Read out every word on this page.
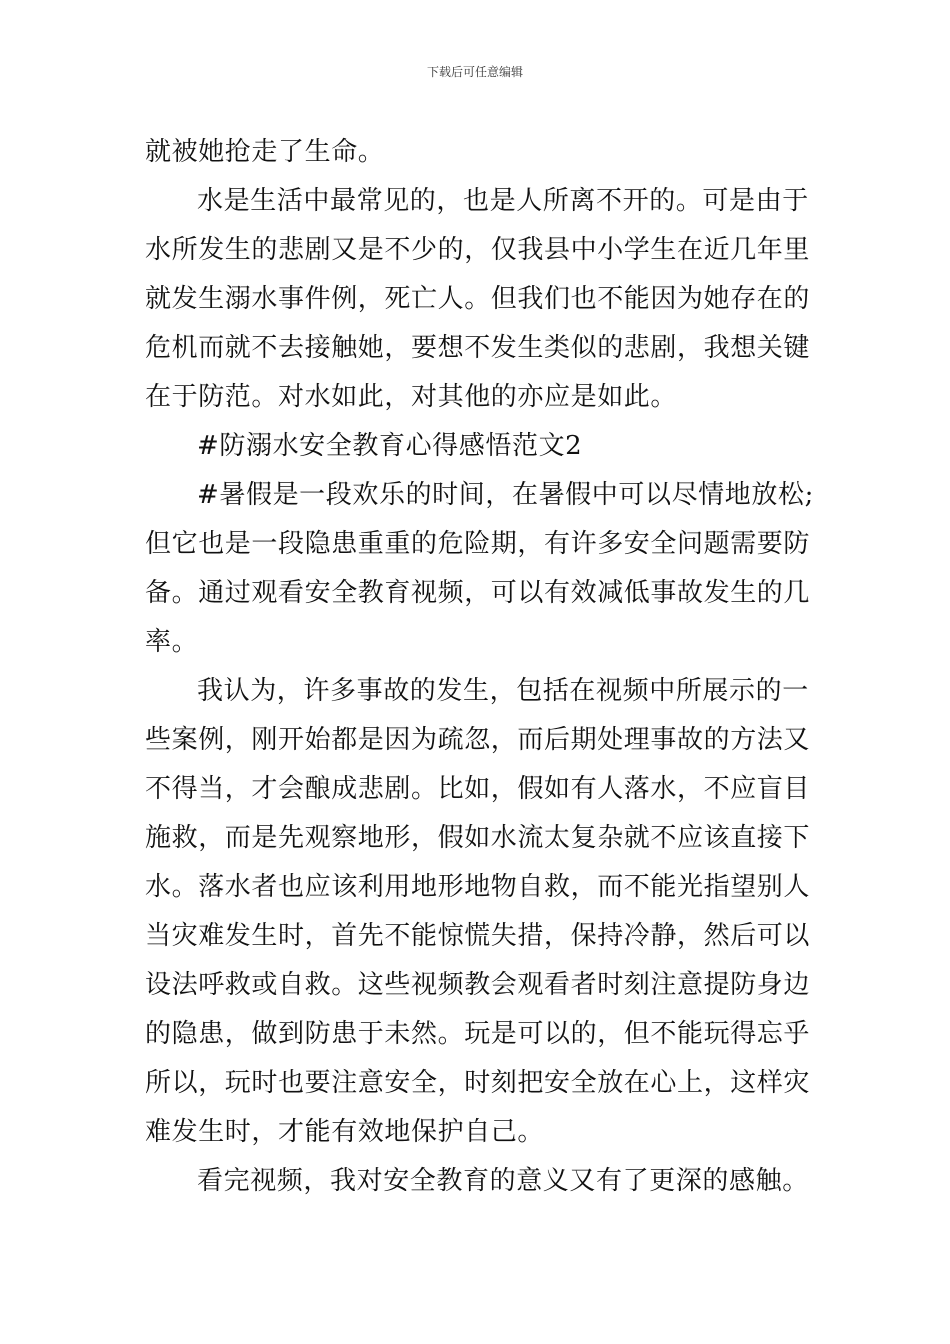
下载后可任意编辑
就被她抢走了生命。
水是生活中最常见的，也是人所离不开的。可是由于
水所发生的悲剧又是不少的，仅我县中小学生在近几年里
就发生溺水事件例，死亡人。但我们也不能因为她存在的
危机而就不去接触她，要想不发生类似的悲剧，我想关键
在于防范。对水如此，对其他的亦应是如此。
#防溺水安全教育心得感悟范文2
#暑假是一段欢乐的时间，在暑假中可以尽情地放松;
但它也是一段隐患重重的危险期，有许多安全问题需要防
备。通过观看安全教育视频，可以有效减低事故发生的几
率。
我认为，许多事故的发生，包括在视频中所展示的一
些案例，刚开始都是因为疏忽，而后期处理事故的方法又
不得当，才会酿成悲剧。比如，假如有人落水，不应盲目
施救，而是先观察地形，假如水流太复杂就不应该直接下
水。落水者也应该利用地形地物自救，而不能光指望别人
当灾难发生时，首先不能惊慌失措，保持冷静，然后可以
设法呼救或自救。这些视频教会观看者时刻注意提防身边
的隐患，做到防患于未然。玩是可以的，但不能玩得忘乎
所以，玩时也要注意安全，时刻把安全放在心上，这样灾
难发生时，才能有效地保护自己。
看完视频，我对安全教育的意义又有了更深的感触。
